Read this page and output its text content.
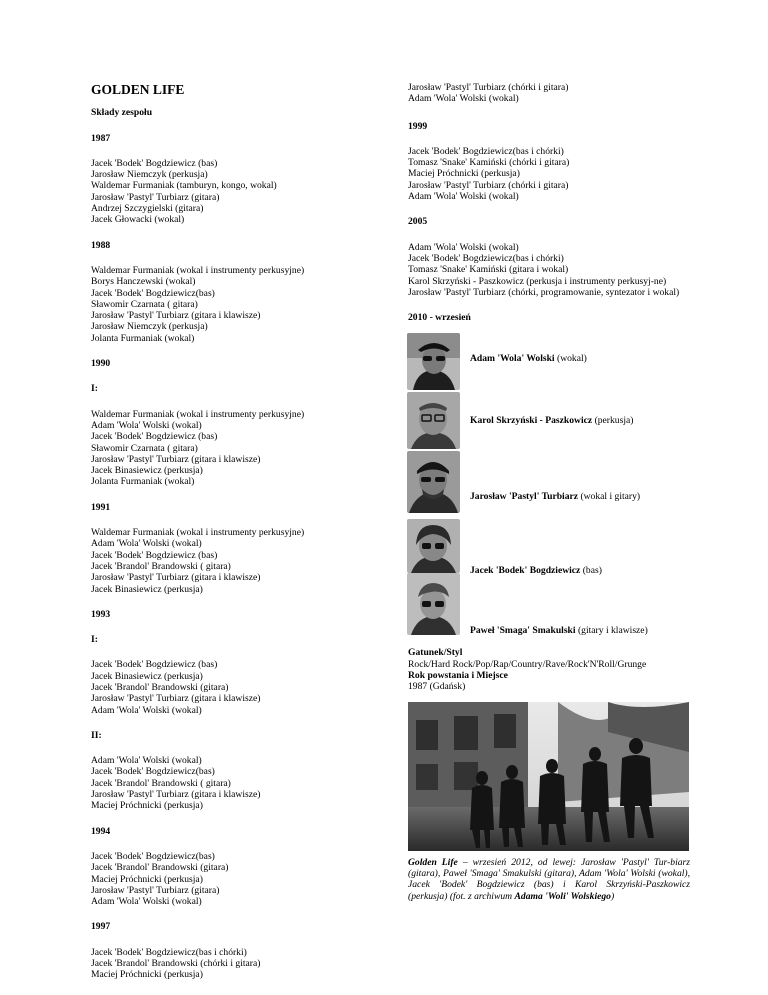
GOLDEN LIFE
Składy zespołu
1987
Jacek 'Bodek' Bogdziewicz (bas)
Jarosław Niemczyk (perkusja)
Waldemar Furmaniak (tamburyn, kongo, wokal)
Jarosław 'Pastyl' Turbiarz (gitara)
Andrzej Szczygielski (gitara)
Jacek Głowacki (wokal)
1988
Waldemar Furmaniak (wokal i instrumenty perkusyjne)
Borys Hanczewski (wokal)
Jacek 'Bodek' Bogdziewicz(bas)
Sławomir Czarnata ( gitara)
Jarosław 'Pastyl' Turbiarz (gitara i klawisze)
Jarosław Niemczyk (perkusja)
Jolanta Furmaniak (wokal)
1990
I:
Waldemar Furmaniak (wokal i instrumenty perkusyjne)
Adam 'Wola' Wolski (wokal)
Jacek 'Bodek' Bogdziewicz (bas)
Sławomir Czarnata ( gitara)
Jarosław 'Pastyl' Turbiarz (gitara i klawisze)
Jacek Binasiewicz (perkusja)
Jolanta Furmaniak (wokal)
1991
Waldemar Furmaniak (wokal i instrumenty perkusyjne)
Adam 'Wola' Wolski (wokal)
Jacek 'Bodek' Bogdziewicz (bas)
Jacek 'Brandol' Brandowski ( gitara)
Jarosław 'Pastyl' Turbiarz (gitara i klawisze)
Jacek Binasiewicz (perkusja)
1993
I:
Jacek 'Bodek' Bogdziewicz (bas)
Jacek Binasiewicz (perkusja)
Jacek 'Brandol' Brandowski (gitara)
Jarosław 'Pastyl' Turbiarz (gitara i klawisze)
Adam 'Wola' Wolski (wokal)
II:
Adam 'Wola' Wolski (wokal)
Jacek 'Bodek' Bogdziewicz(bas)
Jacek 'Brandol' Brandowski ( gitara)
Jarosław 'Pastyl' Turbiarz (gitara i klawisze)
Maciej Próchnicki (perkusja)
1994
Jacek 'Bodek' Bogdziewicz(bas)
Jacek 'Brandol' Brandowski (gitara)
Maciej Próchnicki (perkusja)
Jarosław 'Pastyl' Turbiarz (gitara)
Adam 'Wola' Wolski (wokal)
1997
Jacek 'Bodek' Bogdziewicz(bas i chórki)
Jacek 'Brandol' Brandowski (chórki i gitara)
Maciej Próchnicki (perkusja)
Jarosław 'Pastyl' Turbiarz (chórki i gitara)
Adam 'Wola' Wolski (wokal)
1999
Jacek 'Bodek' Bogdziewicz(bas i chórki)
Tomasz 'Snake' Kamiński (chórki i gitara)
Maciej Próchnicki (perkusja)
Jarosław 'Pastyl' Turbiarz (chórki i gitara)
Adam 'Wola' Wolski (wokal)
2005
Adam 'Wola' Wolski (wokal)
Jacek 'Bodek' Bogdziewicz(bas i chórki)
Tomasz 'Snake' Kamiński (gitara i wokal)
Karol Skrzyński - Paszkowicz (perkusja i instrumenty perkusyj-ne)
Jarosław 'Pastyl' Turbiarz (chórki, programowanie, syntezator i wokal)
2010 - wrzesień
Adam 'Wola' Wolski (wokal)
Karol Skrzyński - Paszkowicz (perkusja)
Jarosław 'Pastyl' Turbiarz (wokal i gitary)
Jacek 'Bodek' Bogdziewicz (bas)
Paweł 'Smaga' Smakulski (gitary i klawisze)
Gatunek/Styl
Rock/Hard Rock/Pop/Rap/Country/Rave/Rock'N'Roll/Grunge
Rok powstania i Miejsce
1987 (Gdańsk)
Golden Life – wrzesień 2012, od lewej: Jarosław 'Pastyl' Tur-biarz (gitara), Paweł 'Smaga' Smakulski (gitara), Adam 'Wola' Wolski (wokal), Jacek 'Bodek' Bogdziewicz (bas) i Karol Skrzyński-Paszkowicz (perkusja) (fot. z archiwum Adama 'Woli' Wolskiego)
